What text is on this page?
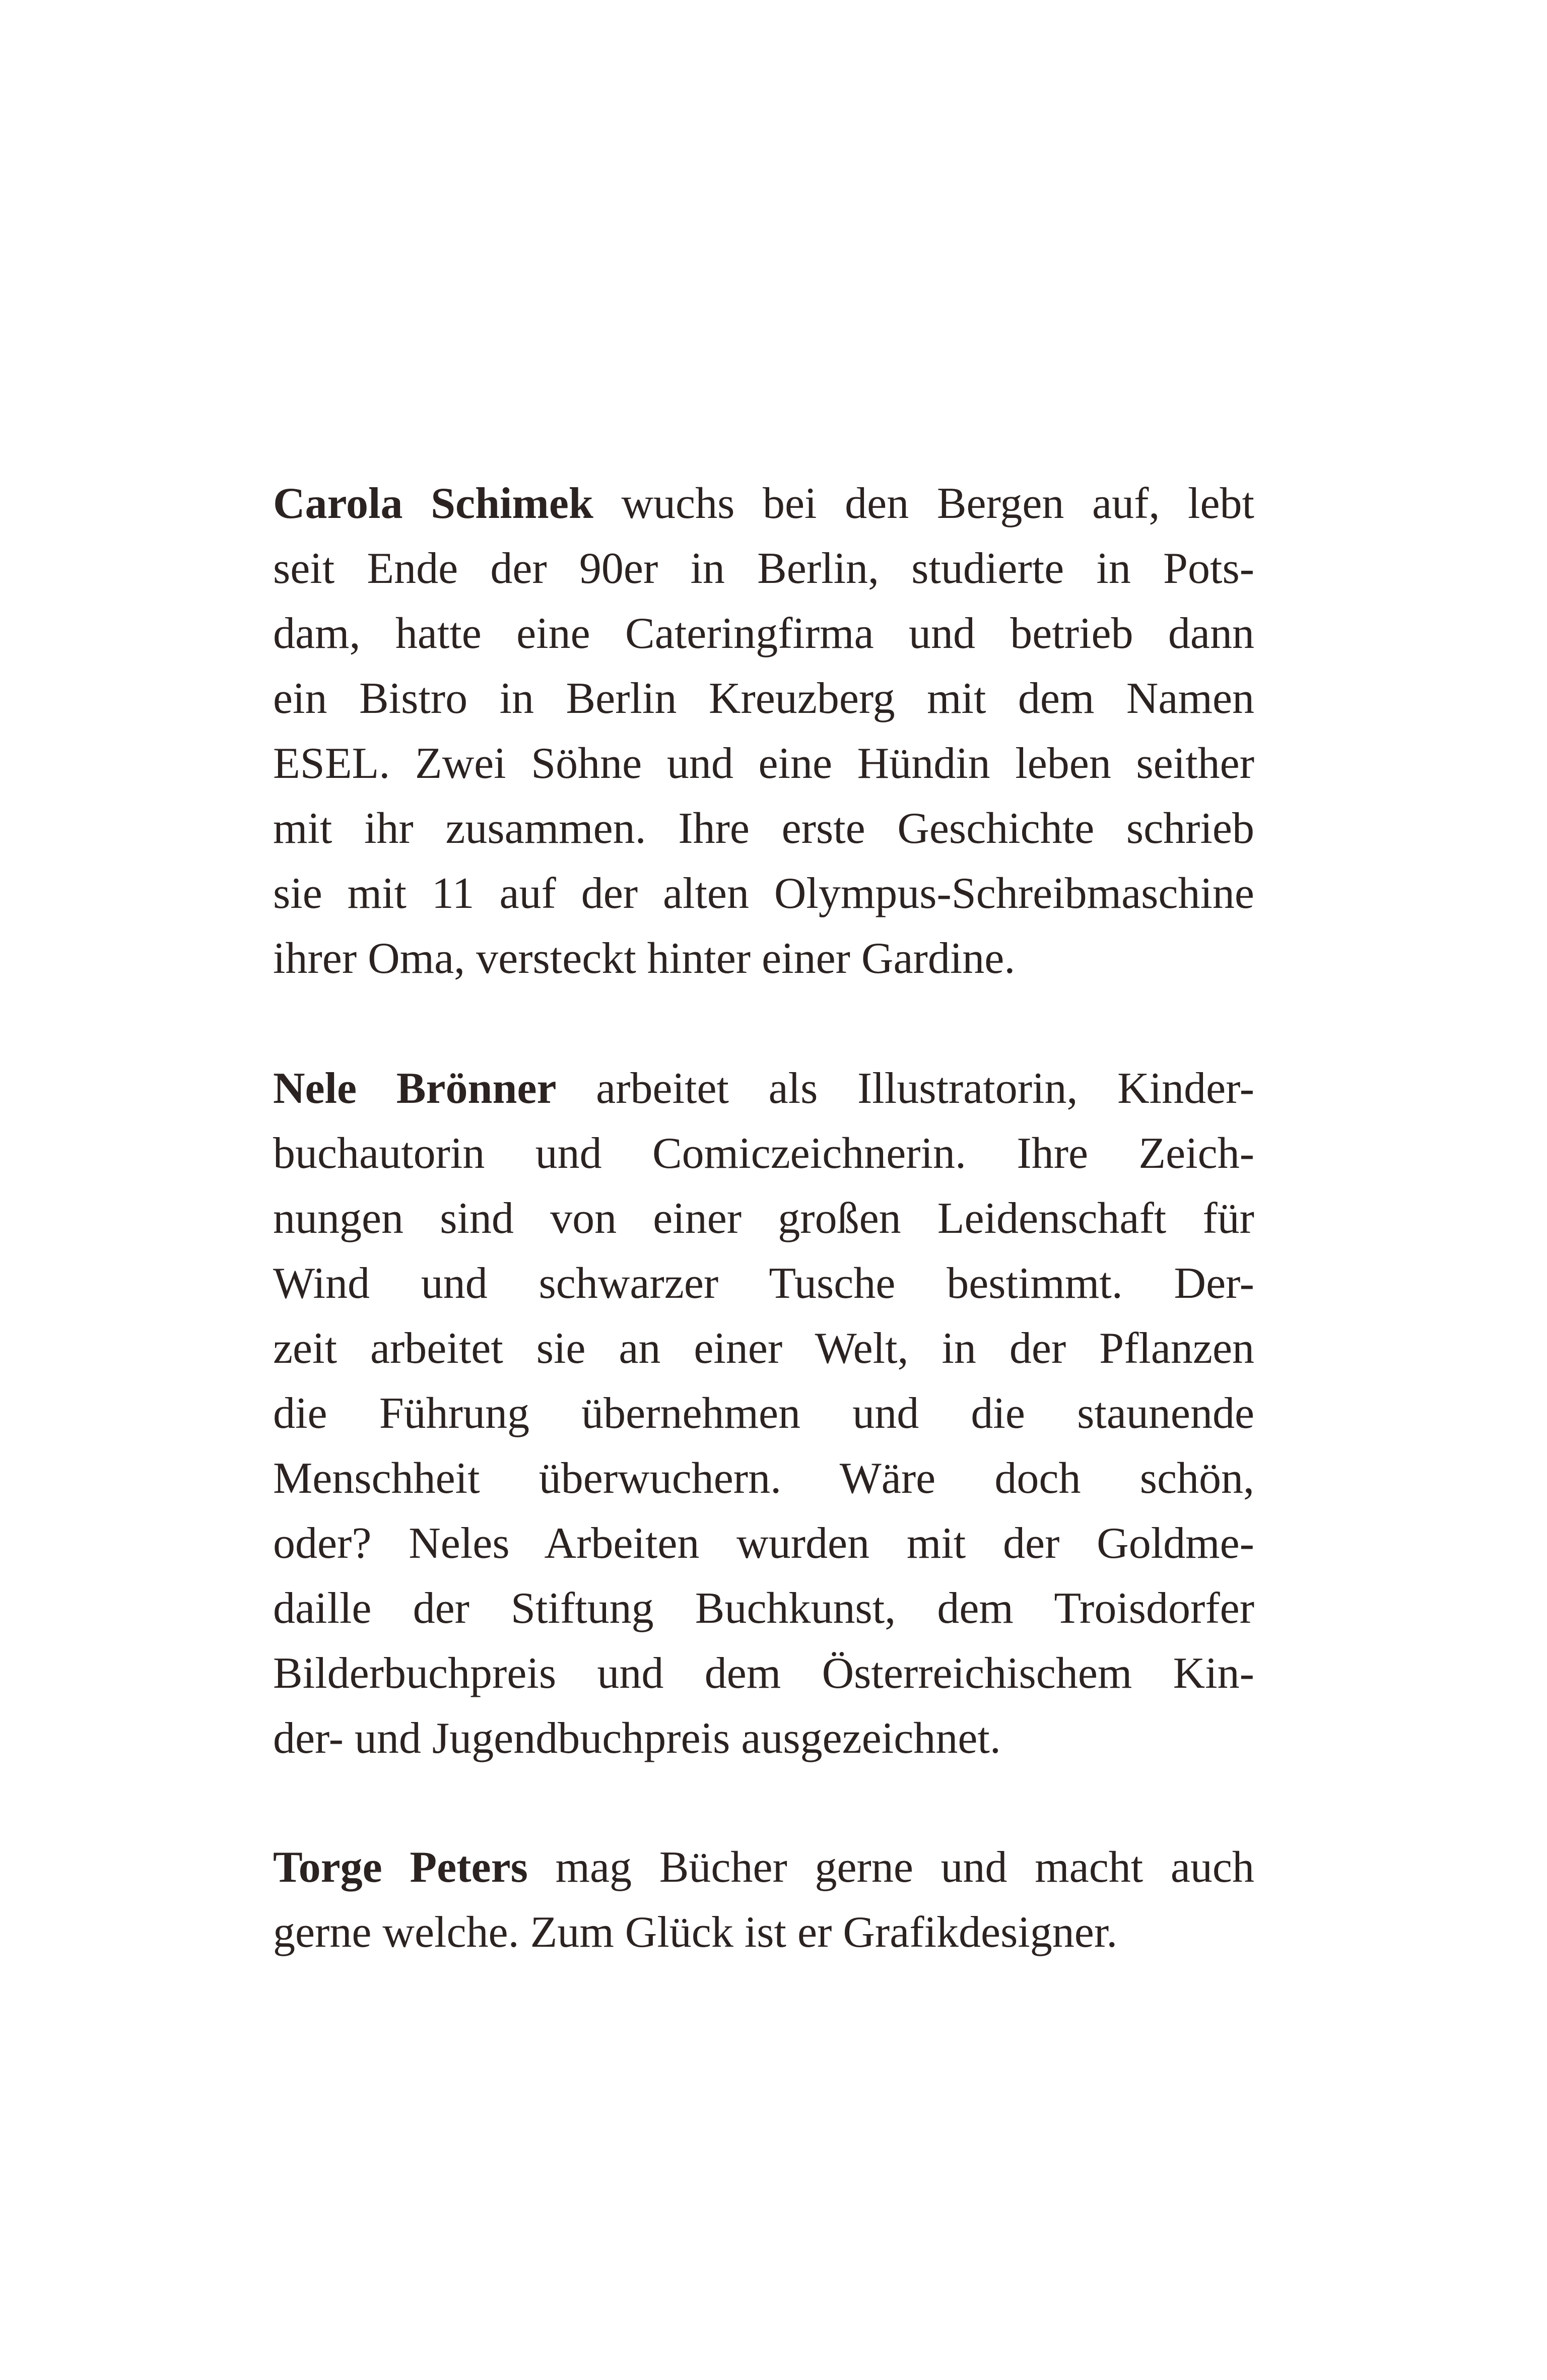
Carola Schimek wuchs bei den Bergen auf, lebt
seit Ende der 90er in Berlin, studierte in Pots-
dam, hatte eine Cateringfirma und betrieb dann
ein Bistro in Berlin Kreuzberg mit dem Namen
ESEL. Zwei Söhne und eine Hündin leben seither
mit ihr zusammen. Ihre erste Geschichte schrieb
sie mit 11 auf der alten Olympus-Schreibmaschine
ihrer Oma, versteckt hinter einer Gardine.

Nele Brönner arbeitet als Illustratorin, Kinder-
buchautorin und Comiczeichnerin. Ihre Zeich-
nungen sind von einer großen Leidenschaft für
Wind und schwarzer Tusche bestimmt. Der-
zeit arbeitet sie an einer Welt, in der Pflanzen
die Führung übernehmen und die staunende
Menschheit überwuchern. Wäre doch schön,
oder? Neles Arbeiten wurden mit der Goldme-
daille der Stiftung Buchkunst, dem Troisdorfer
Bilderbuchpreis und dem Österreichischem Kin-
der- und Jugendbuchpreis ausgezeichnet.

Torge Peters mag Bücher gerne und macht auch
gerne welche. Zum Glück ist er Grafikdesigner.
